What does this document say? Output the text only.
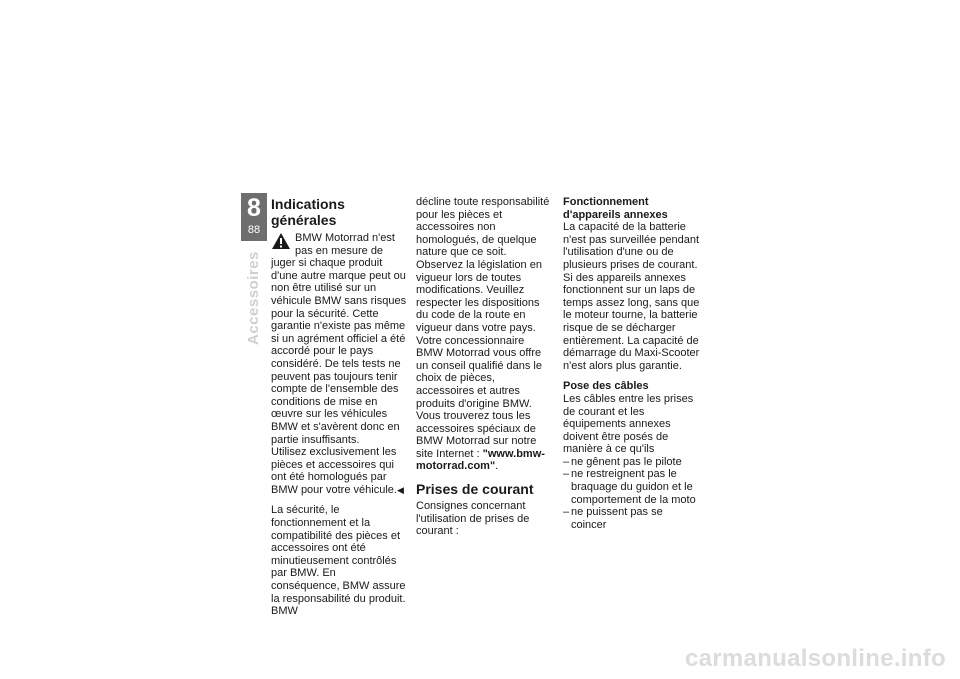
8
88
Accessoires
Indications générales
BMW Motorrad n'est pas en mesure de juger si chaque produit d'une autre marque peut ou non être utilisé sur un véhicule BMW sans risques pour la sécurité. Cette garantie n'existe pas même si un agrément officiel a été accordé pour le pays considéré. De tels tests ne peuvent pas toujours tenir compte de l'ensemble des conditions de mise en œuvre sur les véhicules BMW et s'avèrent donc en partie insuffisants.

Utilisez exclusivement les pièces et accessoires qui ont été homologués par BMW pour votre véhicule.◀

La sécurité, le fonctionnement et la compatibilité des pièces et accessoires ont été minutieusement contrôlés par BMW. En conséquence, BMW assure la responsabilité du produit. BMW

décline toute responsabilité pour les pièces et accessoires non homologués, de quelque nature que ce soit.

Observez la législation en vigueur lors de toutes modifications. Veuillez respecter les dispositions du code de la route en vigueur dans votre pays.

Votre concessionnaire BMW Motorrad vous offre un conseil qualifié dans le choix de pièces, accessoires et autres produits d'origine BMW.

Vous trouverez tous les accessoires spéciaux de BMW Motorrad sur notre site Internet : "www.bmw-motorrad.com".

Prises de courant

Consignes concernant l'utilisation de prises de courant :

Fonctionnement d'appareils annexes

La capacité de la batterie n'est pas surveillée pendant l'utilisation d'une ou de plusieurs prises de courant. Si des appareils annexes fonctionnent sur un laps de temps assez long, sans que le moteur tourne, la batterie risque de se décharger entièrement. La capacité de démarrage du Maxi-Scooter n'est alors plus garantie.

Pose des câbles

Les câbles entre les prises de courant et les équipements annexes doivent être posés de manière à ce qu'ils

– ne gênent pas le pilote
– ne restreignent pas le braquage du guidon et le comportement de la moto
– ne puissent pas se coincer
carmanualsonline.info
